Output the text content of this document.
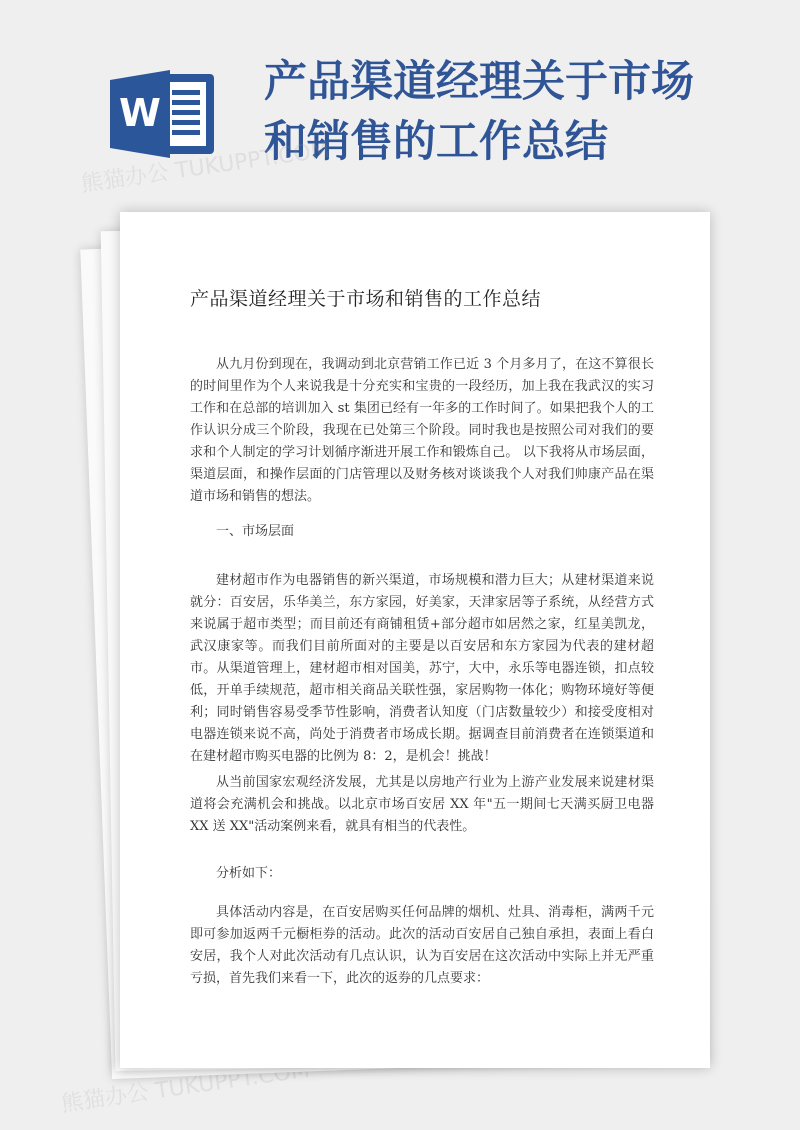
W
产品渠道经理关于市场
和销售的工作总结
熊猫办公 TUKUPPT.COM
熊猫办公 TUKUPPT.COM
产品渠道经理关于市场和销售的工作总结
从九月份到现在，我调动到北京营销工作已近 3 个月多月了，在这不算很长的时间里作为个人来说我是十分充实和宝贵的一段经历，加上我在我武汉的实习工作和在总部的培训加入 st 集团已经有一年多的工作时间了。如果把我个人的工作认识分成三个阶段，我现在已处第三个阶段。同时我也是按照公司对我们的要求和个人制定的学习计划循序渐进开展工作和锻炼自己。 以下我将从市场层面，渠道层面，和操作层面的门店管理以及财务核对谈谈我个人对我们帅康产品在渠道市场和销售的想法。
一、市场层面
建材超市作为电器销售的新兴渠道，市场规模和潜力巨大；从建材渠道来说就分：百安居，乐华美兰，东方家园，好美家，天津家居等子系统，从经营方式来说属于超市类型；而目前还有商铺租赁+部分超市如居然之家，红星美凯龙，武汉康家等。而我们目前所面对的主要是以百安居和东方家园为代表的建材超市。从渠道管理上，建材超市相对国美，苏宁，大中，永乐等电器连锁，扣点较低，开单手续规范，超市相关商品关联性强，家居购物一体化；购物环境好等便利；同时销售容易受季节性影响，消费者认知度（门店数量较少）和接受度相对电器连锁来说不高，尚处于消费者市场成长期。据调查目前消费者在连锁渠道和在建材超市购买电器的比例为 8：2，是机会！挑战！
从当前国家宏观经济发展，尤其是以房地产行业为上游产业发展来说建材渠道将会充满机会和挑战。以北京市场百安居 XX 年"五一期间七天满买厨卫电器 XX 送 XX"活动案例来看，就具有相当的代表性。
分析如下：
具体活动内容是，在百安居购买任何品牌的烟机、灶具、消毒柜，满两千元即可参加返两千元橱柜券的活动。此次的活动百安居自己独自承担，表面上看白安居，我个人对此次活动有几点认识，认为百安居在这次活动中实际上并无严重亏损，首先我们来看一下，此次的返券的几点要求：
